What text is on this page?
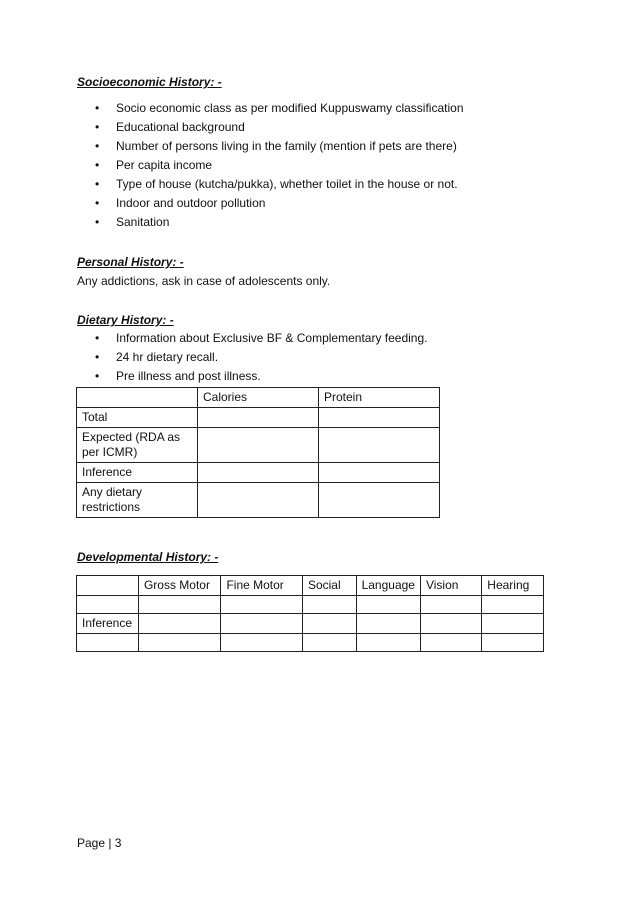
Socioeconomic History: -
• Socio economic class as per modified Kuppuswamy classification
• Educational background
• Number of persons living in the family (mention if pets are there)
• Per capita income
• Type of house (kutcha/pukka), whether toilet in the house or not.
• Indoor and outdoor pollution
• Sanitation
Personal History: -
Any addictions, ask in case of adolescents only.
Dietary History: -
• Information about Exclusive BF & Complementary feeding.
• 24 hr dietary recall.
• Pre illness and post illness.
	Calories	Protein
Total		
Expected (RDA as per ICMR)		
Inference		
Any dietary restrictions		
Developmental History: -
	Gross Motor	Fine Motor	Social	Language	Vision	Hearing

Inference						

Page | 3
